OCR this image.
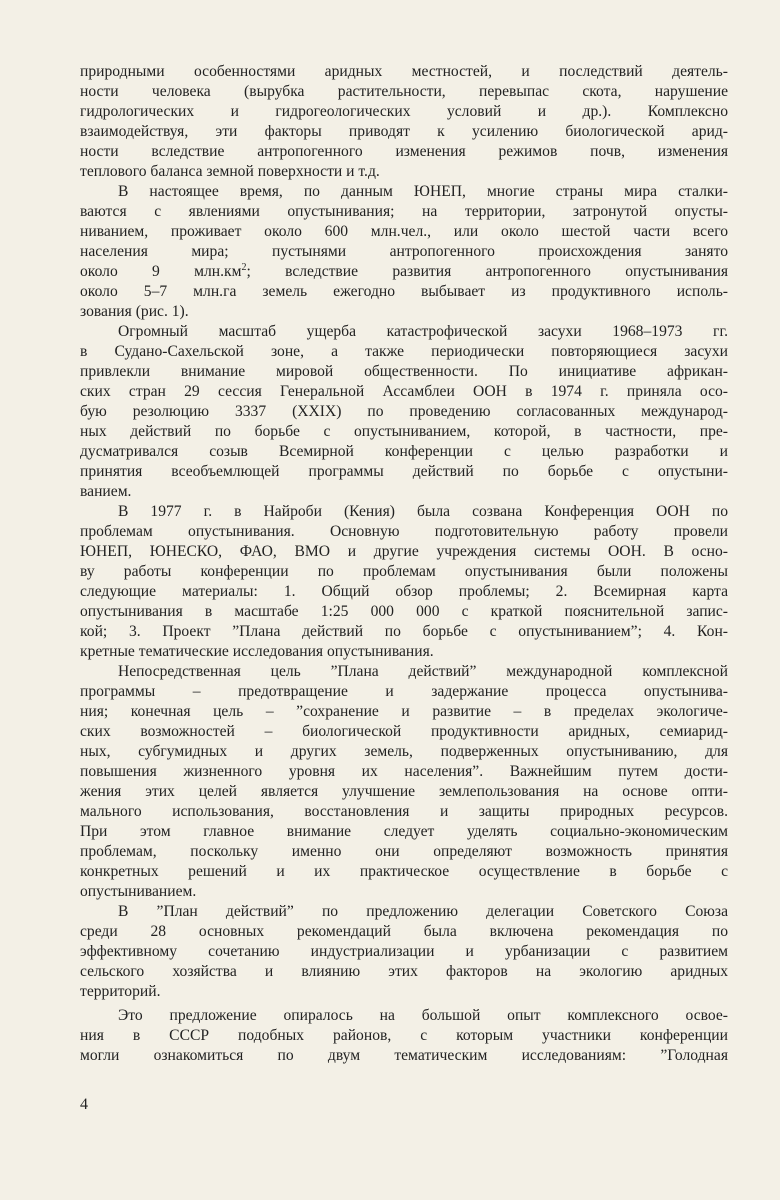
природными особенностями аридных местностей, и последствий деятель-
ности человека (вырубка растительности, перевыпас скота, нарушение
гидрологических и гидрогеологических условий и др.). Комплексно
взаимодействуя, эти факторы приводят к усилению биологической арид-
ности вследствие антропогенного изменения режимов почв, изменения
теплового баланса земной поверхности и т.д.

В настоящее время, по данным ЮНЕП, многие страны мира сталки-
ваются с явлениями опустынивания; на территории, затронутой опусты-
ниванием, проживает около 600 млн.чел., или около шестой части всего
населения мира; пустынями антропогенного происхождения занято
около 9 $млн.км^2$; вследствие развития антропогенного опустынивания
около 5–7 млн.га земель ежегодно выбывает из продуктивного исполь-
зования (рис. 1).

Огромный масштаб ущерба катастрофической засухи 1968–1973 гг.
в Судано-Сахельской зоне, а также периодически повторяющиеся засухи
привлекли внимание мировой общественности. По инициативе африкан-
ских стран 29 сессия Генеральной Ассамблеи ООН в 1974 г. приняла осо-
бую резолюцию 3337 (XXIX) по проведению согласованных международ-
ных действий по борьбе с опустыниванием, которой, в частности, пре-
дусматривался созыв Всемирной конференции с целью разработки и
принятия всеобъемлющей программы действий по борьбе с опустыни-
ванием.

В 1977 г. в Найроби (Кения) была созвана Конференция ООН по
проблемам опустынивания. Основную подготовительную работу провели
ЮНЕП, ЮНЕСКО, ФАО, ВМО и другие учреждения системы ООН. В осно-
ву работы конференции по проблемам опустынивания были положены
следующие материалы: 1. Общий обзор проблемы; 2. Всемирная карта
опустынивания в масштабе 1:25 000 000 с краткой пояснительной запис-
кой; 3. Проект ”Плана действий по борьбе с опустыниванием”; 4. Кон-
кретные тематические исследования опустынивания.

Непосредственная цель ”Плана действий” международной комплексной
программы – предотвращение и задержание процесса опустынива-
ния; конечная цель – ”сохранение и развитие – в пределах экологиче-
ских возможностей – биологической продуктивности аридных, семиарид-
ных, субгумидных и других земель, подверженных опустыниванию, для
повышения жизненного уровня их населения”. Важнейшим путем дости-
жения этих целей является улучшение землепользования на основе опти-
мального использования, восстановления и защиты природных ресурсов.
При этом главное внимание следует уделять социально-экономическим
проблемам, поскольку именно они определяют возможность принятия
конкретных решений и их практическое осуществление в борьбе с
опустыниванием.

В ”План действий” по предложению делегации Советского Союза
среди 28 основных рекомендаций была включена рекомендация по
эффективному сочетанию индустриализации и урбанизации с развитием
сельского хозяйства и влиянию этих факторов на экологию аридных
территорий.

Это предложение опиралось на большой опыт комплексного освое-
ния в СССР подобных районов, с которым участники конференции
могли ознакомиться по двум тематическим исследованиям: ”Голодная

4
